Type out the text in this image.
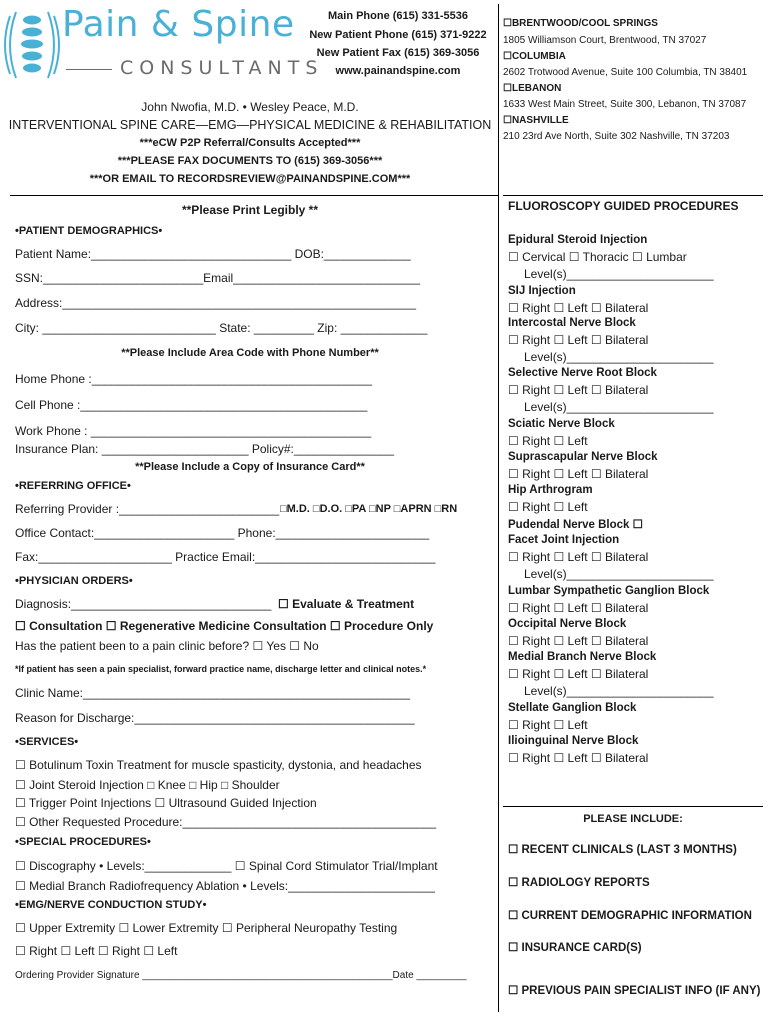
Pain & Spine
CONSULTANTS
Main Phone (615) 331-5536
New Patient Phone (615) 371-9222
New Patient Fax (615) 369-3056
www.painandspine.com
☐BRENTWOOD/COOL SPRINGS
1805 Williamson Court, Brentwood, TN 37027
☐COLUMBIA
2602 Trotwood Avenue, Suite 100 Columbia, TN 38401
☐LEBANON
1633 West Main Street, Suite 300, Lebanon, TN 37087
☐NASHVILLE
210 23rd Ave North, Suite 302 Nashville, TN 37203
John Nwofia, M.D. • Wesley Peace, M.D.
INTERVENTIONAL SPINE CARE—EMG—PHYSICAL MEDICINE & REHABILITATION
***eCW P2P Referral/Consults Accepted***
***PLEASE FAX DOCUMENTS TO (615) 369-3056***
***OR EMAIL TO RECORDSREVIEW@PAINANDSPINE.COM***
**Please Print Legibly **
•PATIENT DEMOGRAPHICS•
Patient Name:______________________________ DOB:_____________
SSN:________________________Email____________________________
Address:_____________________________________________________
City: __________________________ State: _________ Zip: _____________
**Please Include Area Code with Phone Number**
Home Phone :__________________________________________
Cell Phone :___________________________________________
Work Phone : __________________________________________
Insurance Plan: ______________________ Policy#:_______________
**Please Include a Copy of Insurance Card**
•REFERRING OFFICE•
Referring Provider :________________________ □M.D. □D.O. □PA □NP □APRN □RN
Office Contact:_____________________ Phone:_______________________
Fax:____________________ Practice Email:___________________________
•PHYSICIAN ORDERS•
Diagnosis:______________________________ ☐ Evaluate & Treatment
☐ Consultation ☐ Regenerative Medicine Consultation ☐ Procedure Only
Has the patient been to a pain clinic before? ☐ Yes ☐ No
*If patient has seen a pain specialist, forward practice name, discharge letter and clinical notes.*
Clinic Name:_________________________________________________
Reason for Discharge:__________________________________________
•SERVICES•
☐ Botulinum Toxin Treatment for muscle spasticity, dystonia, and headaches
☐ Joint Steroid Injection □ Knee □ Hip □ Shoulder
☐ Trigger Point Injections ☐ Ultrasound Guided Injection
☐ Other Requested Procedure:______________________________________
•SPECIAL PROCEDURES•
☐ Discography • Levels:_____________ ☐ Spinal Cord Stimulator Trial/Implant
☐ Medial Branch Radiofrequency Ablation • Levels:______________________
•EMG/NERVE CONDUCTION STUDY•
☐ Upper Extremity ☐ Lower Extremity ☐ Peripheral Neuropathy Testing
☐ Right ☐ Left ☐ Right ☐ Left
Ordering Provider Signature _____________________________________________Date _________
FLUOROSCOPY GUIDED PROCEDURES
Epidural Steroid Injection
☐ Cervical ☐ Thoracic ☐ Lumbar
Level(s)______________________
SIJ Injection
☐ Right ☐ Left ☐ Bilateral
Intercostal Nerve Block
☐ Right ☐ Left ☐ Bilateral
Level(s)______________________
Selective Nerve Root Block
☐ Right ☐ Left ☐ Bilateral
Level(s)______________________
Sciatic Nerve Block
☐ Right ☐ Left
Suprascapular Nerve Block
☐ Right ☐ Left ☐ Bilateral
Hip Arthrogram
☐ Right ☐ Left
Pudendal Nerve Block ☐
Facet Joint Injection
☐ Right ☐ Left ☐ Bilateral
Level(s)______________________
Lumbar Sympathetic Ganglion Block
☐ Right ☐ Left ☐ Bilateral
Occipital Nerve Block
☐ Right ☐ Left ☐ Bilateral
Medial Branch Nerve Block
☐ Right ☐ Left ☐ Bilateral
Level(s)______________________
Stellate Ganglion Block
☐ Right ☐ Left
Ilioinguinal Nerve Block
☐ Right ☐ Left ☐ Bilateral
PLEASE INCLUDE:
☐ RECENT CLINICALS (LAST 3 MONTHS)
☐ RADIOLOGY REPORTS
☐ CURRENT DEMOGRAPHIC INFORMATION
☐ INSURANCE CARD(S)
☐ PREVIOUS PAIN SPECIALIST INFO (IF ANY)
